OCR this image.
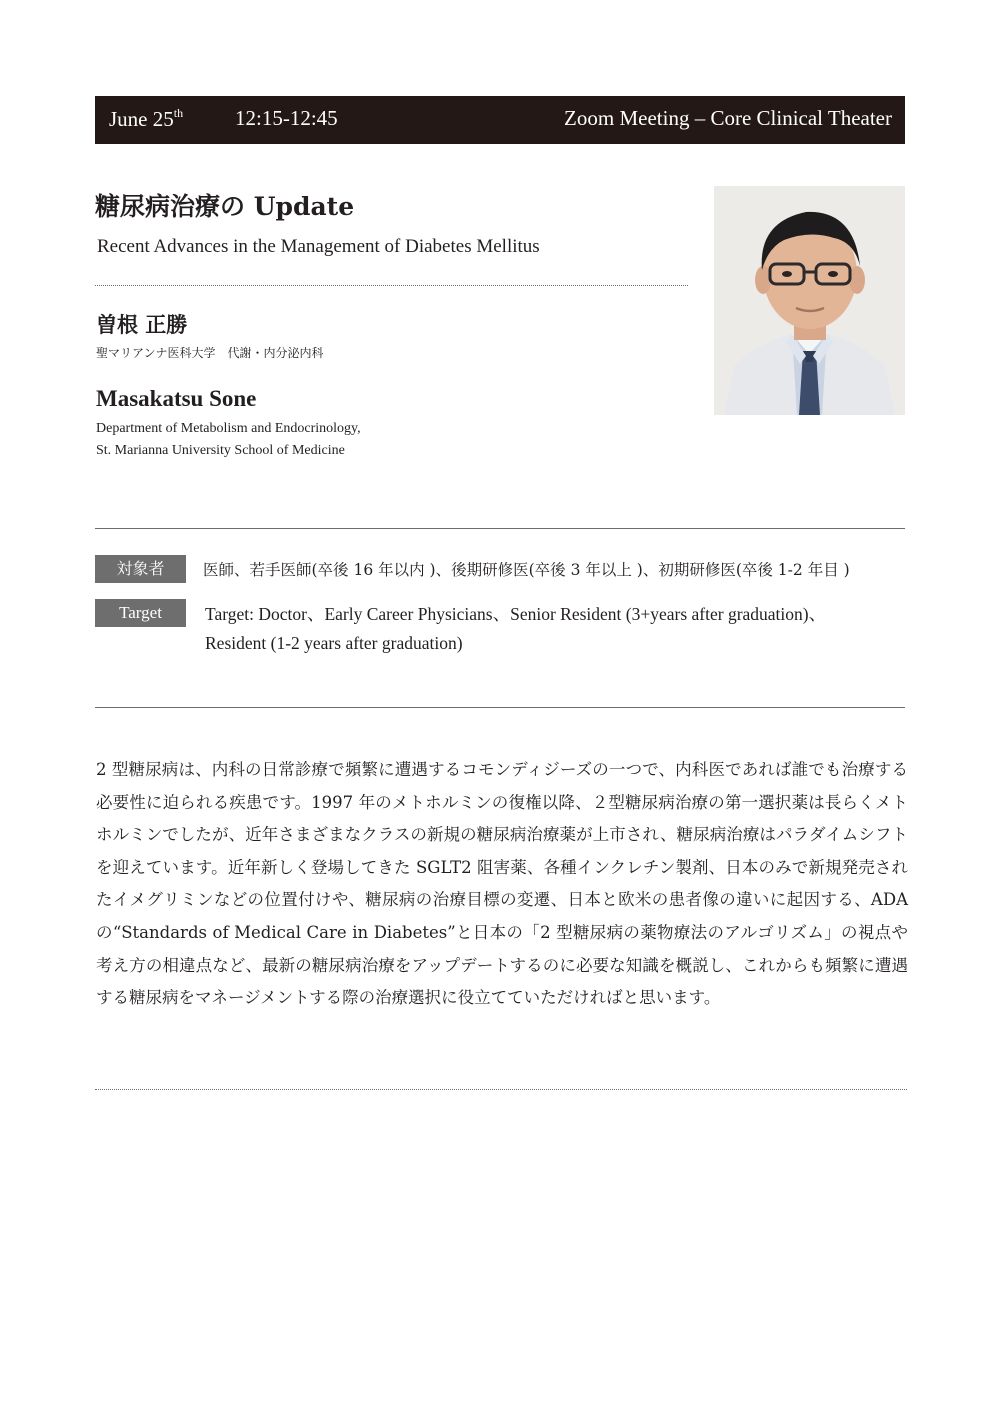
June 25th 12:15-12:45	Zoom Meeting – Core Clinical Theater
糖尿病治療の Update
Recent Advances in the Management of Diabetes Mellitus
曽根 正勝
聖マリアンナ医科大学　代謝・内分泌内科
Masakatsu Sone
Department of Metabolism and Endocrinology,
St. Marianna University School of Medicine
対象者	医師、若手医師(卒後 16 年以内 )、後期研修医(卒後 3 年以上 )、初期研修医(卒後 1-2 年目 )
Target	Target: Doctor、Early Career Physicians、Senior Resident (3+years after graduation)、Resident (1-2 years after graduation)
2 型糖尿病は、内科の日常診療で頻繁に遭遇するコモンディジーズの一つで、内科医であれば誰でも治療する必要性に迫られる疾患です。1997 年のメトホルミンの復権以降、２型糖尿病治療の第一選択薬は長らくメトホルミンでしたが、近年さまざまなクラスの新規の糖尿病治療薬が上市され、糖尿病治療はパラダイムシフトを迎えています。近年新しく登場してきた SGLT2 阻害薬、各種インクレチン製剤、日本のみで新規発売されたイメグリミンなどの位置付けや、糖尿病の治療目標の変遷、日本と欧米の患者像の違いに起因する、ADA の“Standards of Medical Care in Diabetes”と日本の「2 型糖尿病の薬物療法のアルゴリズム」の視点や考え方の相違点など、最新の糖尿病治療をアップデートするのに必要な知識を概説し、これからも頻繁に遭遇する糖尿病をマネージメントする際の治療選択に役立てていただければと思います。
